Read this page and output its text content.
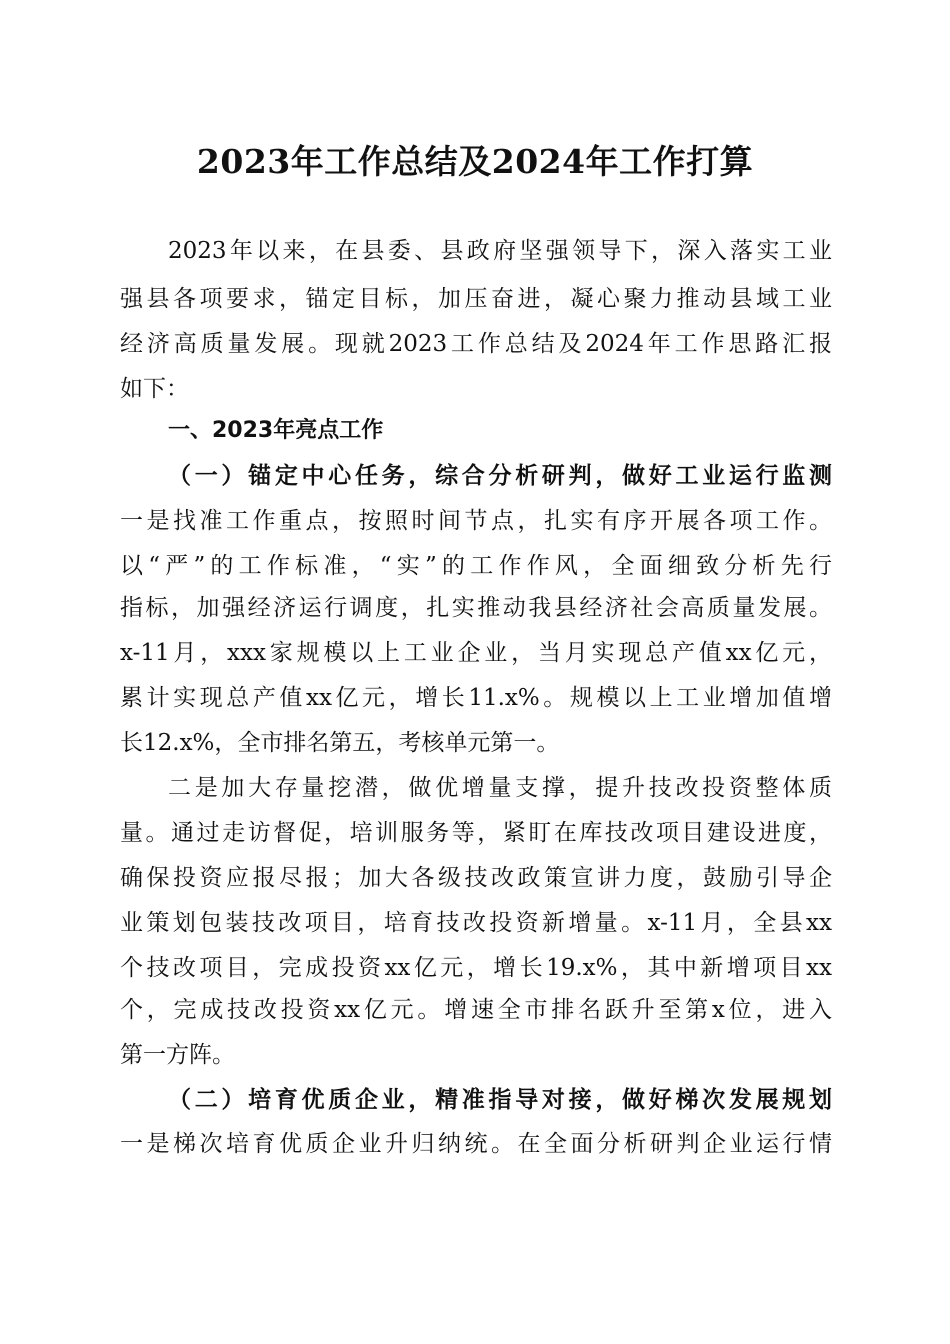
2023年工作总结及2024年工作打算
2023年以来，在县委、县政府坚强领导下，深入落实工业
强县各项要求，锚定目标，加压奋进，凝心聚力推动县域工业
经济高质量发展。现就2023工作总结及2024年工作思路汇报
如下：
一、2023年亮点工作
（一）锚定中心任务，综合分析研判，做好工业运行监测
一是找准工作重点，按照时间节点，扎实有序开展各项工作。
以“严”的工作标准，“实”的工作作风，全面细致分析先行
指标，加强经济运行调度，扎实推动我县经济社会高质量发展。
x-11月，xxx家规模以上工业企业，当月实现总产值xx亿元，
累计实现总产值xx亿元，增长11.x%。规模以上工业增加值增
长12.x%，全市排名第五，考核单元第一。
二是加大存量挖潜，做优增量支撑，提升技改投资整体质
量。通过走访督促，培训服务等，紧盯在库技改项目建设进度，
确保投资应报尽报；加大各级技改政策宣讲力度，鼓励引导企
业策划包装技改项目，培育技改投资新增量。x-11月，全县xx
个技改项目，完成投资xx亿元，增长19.x%，其中新增项目xx
个，完成技改投资xx亿元。增速全市排名跃升至第x位，进入
第一方阵。
（二）培育优质企业，精准指导对接，做好梯次发展规划
一是梯次培育优质企业升归纳统。在全面分析研判企业运行情
